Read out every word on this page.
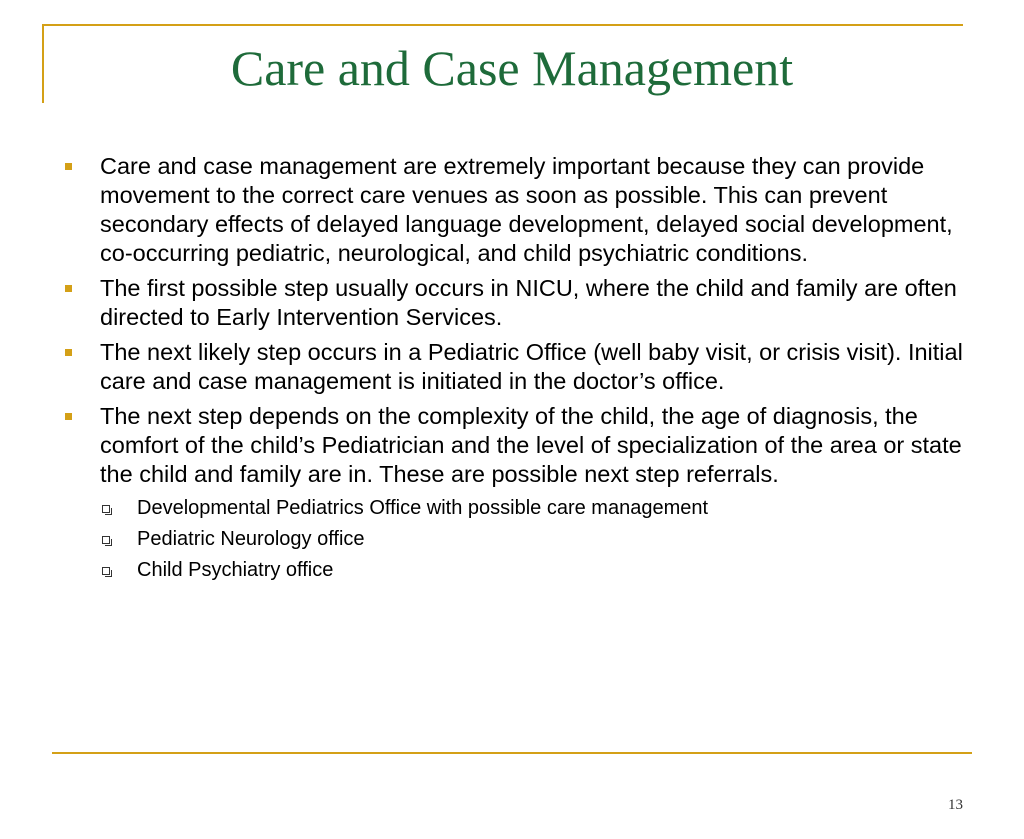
Care and Case Management
Care and case management are extremely important because they can provide movement to the correct care venues as soon as possible. This can prevent secondary effects of delayed language development, delayed social development, co-occurring pediatric, neurological, and child psychiatric conditions.
The first possible step usually occurs in NICU, where the child and family are often directed to Early Intervention Services.
The next likely step occurs in a Pediatric Office (well baby visit, or crisis visit). Initial care and case management is initiated in the doctor’s office.
The next step depends on the complexity of the child, the age of diagnosis, the comfort of the child’s Pediatrician and the level of specialization of the area or state the child and family are in. These are possible next step referrals.
Developmental Pediatrics Office with possible care management
Pediatric Neurology office
Child Psychiatry office
13
